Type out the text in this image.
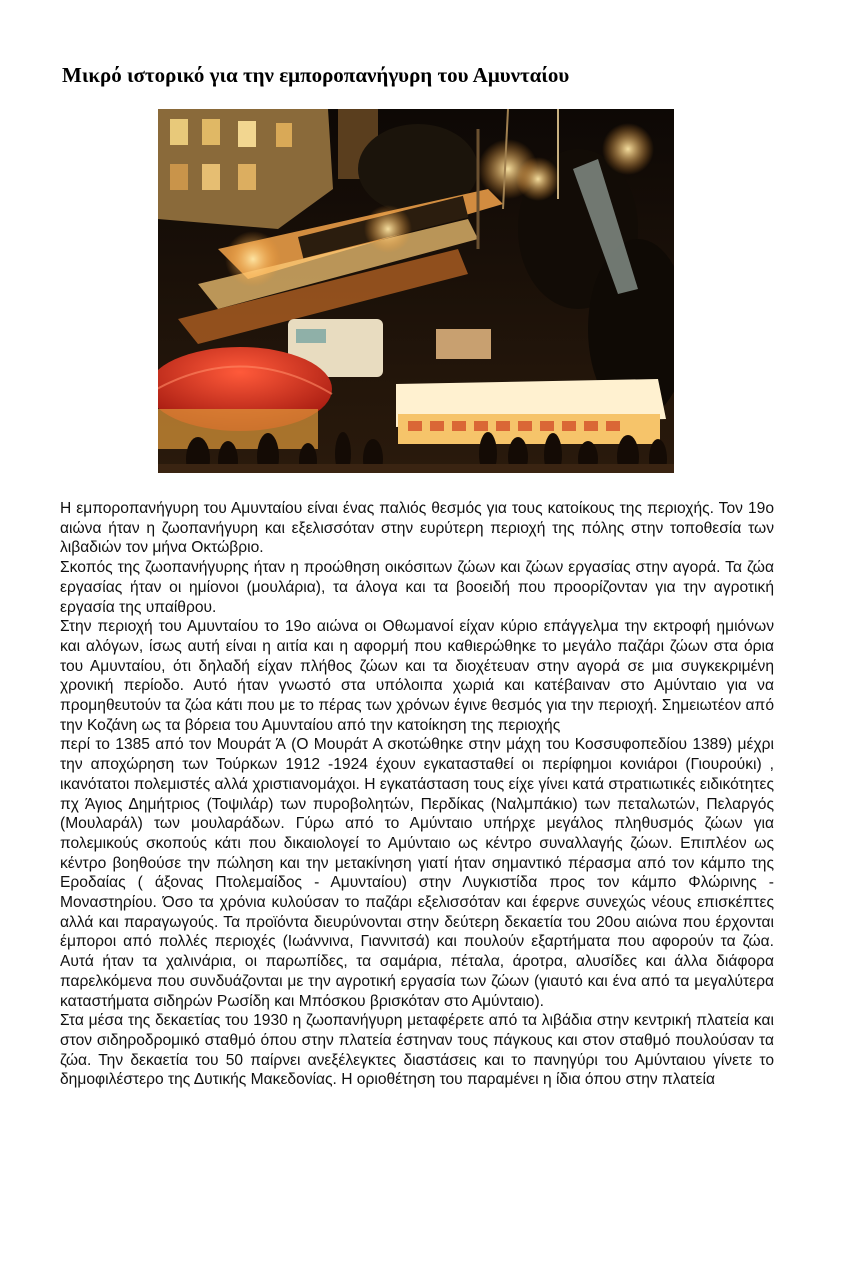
Μικρό ιστορικό για την εμποροπανήγυρη του Αμυνταίου

Η εμποροπανήγυρη του Αμυνταίου είναι ένας παλιός θεσμός για τους κατοίκους της περιοχής. Τον 19ο αιώνα ήταν η ζωοπανήγυρη και εξελισσόταν στην ευρύτερη περιοχή της πόλης στην τοποθεσία των λιβαδιών τον μήνα Οκτώβριο.

Σκοπός της ζωοπανήγυρης ήταν η προώθηση οικόσιτων ζώων και ζώων εργασίας στην αγορά. Τα ζώα εργασίας ήταν οι ημίονοι (μουλάρια), τα άλογα και τα βοοειδή που προορίζονταν για την αγροτική εργασία της υπαίθρου.

Στην περιοχή του Αμυνταίου το 19ο αιώνα οι Οθωμανοί είχαν κύριο επάγγελμα την εκτροφή ημιόνων και αλόγων, ίσως αυτή είναι η αιτία και η αφορμή που καθιερώθηκε το μεγάλο παζάρι ζώων στα όρια του Αμυνταίου, ότι δηλαδή είχαν πλήθος ζώων και τα διοχέτευαν στην αγορά σε μια συγκεκριμένη χρονική περίοδο. Αυτό ήταν γνωστό στα υπόλοιπα χωριά και κατέβαιναν στο Αμύνταιο για να προμηθευτούν τα ζώα κάτι που με το πέρας των χρόνων έγινε θεσμός για την περιοχή. Σημειωτέον από την Κοζάνη ως τα βόρεια του Αμυνταίου από την κατοίκηση της περιοχής

περί το 1385 από τον Μουράτ Ά (Ο Μουράτ Α σκοτώθηκε στην μάχη του Κοσσυφοπεδίου 1389) μέχρι την αποχώρηση των Τούρκων 1912 -1924 έχουν εγκατασταθεί οι περίφημοι κονιάροι (Γιουρούκι) , ικανότατοι πολεμιστές αλλά χριστιανομάχοι. Η εγκατάσταση τους είχε γίνει κατά στρατιωτικές ειδικότητες πχ Άγιος Δημήτριος (Τοψιλάρ) των πυροβολητών, Περδίκας (Ναλμπάκιο) των πεταλωτών, Πελαργός (Μουλαράλ) των μουλαράδων. Γύρω από το Αμύνταιο υπήρχε μεγάλος πληθυσμός ζώων για πολεμικούς σκοπούς κάτι που δικαιολογεί το Αμύνταιο ως κέντρο συναλλαγής ζώων. Επιπλέον ως κέντρο βοηθούσε την πώληση και την μετακίνηση γιατί ήταν σημαντικό πέρασμα από τον κάμπο της Εροδαίας ( άξονας Πτολεμαίδος - Αμυνταίου) στην Λυγκιστίδα προς τον κάμπο Φλώρινης - Μοναστηρίου. Όσο τα χρόνια κυλούσαν το παζάρι εξελισσόταν και έφερνε συνεχώς νέους επισκέπτες αλλά και παραγωγούς. Τα προϊόντα διευρύνονται στην δεύτερη δεκαετία του 20ου αιώνα που έρχονται έμποροι από πολλές περιοχές (Ιωάννινα, Γιαννιτσά) και πουλούν εξαρτήματα που αφορούν τα ζώα. Αυτά ήταν τα χαλινάρια, οι παρωπίδες, τα σαμάρια, πέταλα, άροτρα, αλυσίδες και άλλα διάφορα παρελκόμενα που συνδυάζονται με την αγροτική εργασία των ζώων (γιαυτό και ένα από τα μεγαλύτερα καταστήματα σιδηρών Ρωσίδη και Μπόσκου βρισκόταν στο Αμύνταιο).

Στα μέσα της δεκαετίας του 1930 η ζωοπανήγυρη μεταφέρετε από τα λιβάδια στην κεντρική πλατεία και στον σιδηροδρομικό σταθμό όπου στην πλατεία έστηναν τους πάγκους και στον σταθμό πουλούσαν τα ζώα. Την δεκαετία του 50 παίρνει ανεξέλεγκτες διαστάσεις και το πανηγύρι του Αμύνταιου γίνετε το δημοφιλέστερο της Δυτικής Μακεδονίας. Η οριοθέτηση του παραμένει η ίδια όπου στην πλατεία
